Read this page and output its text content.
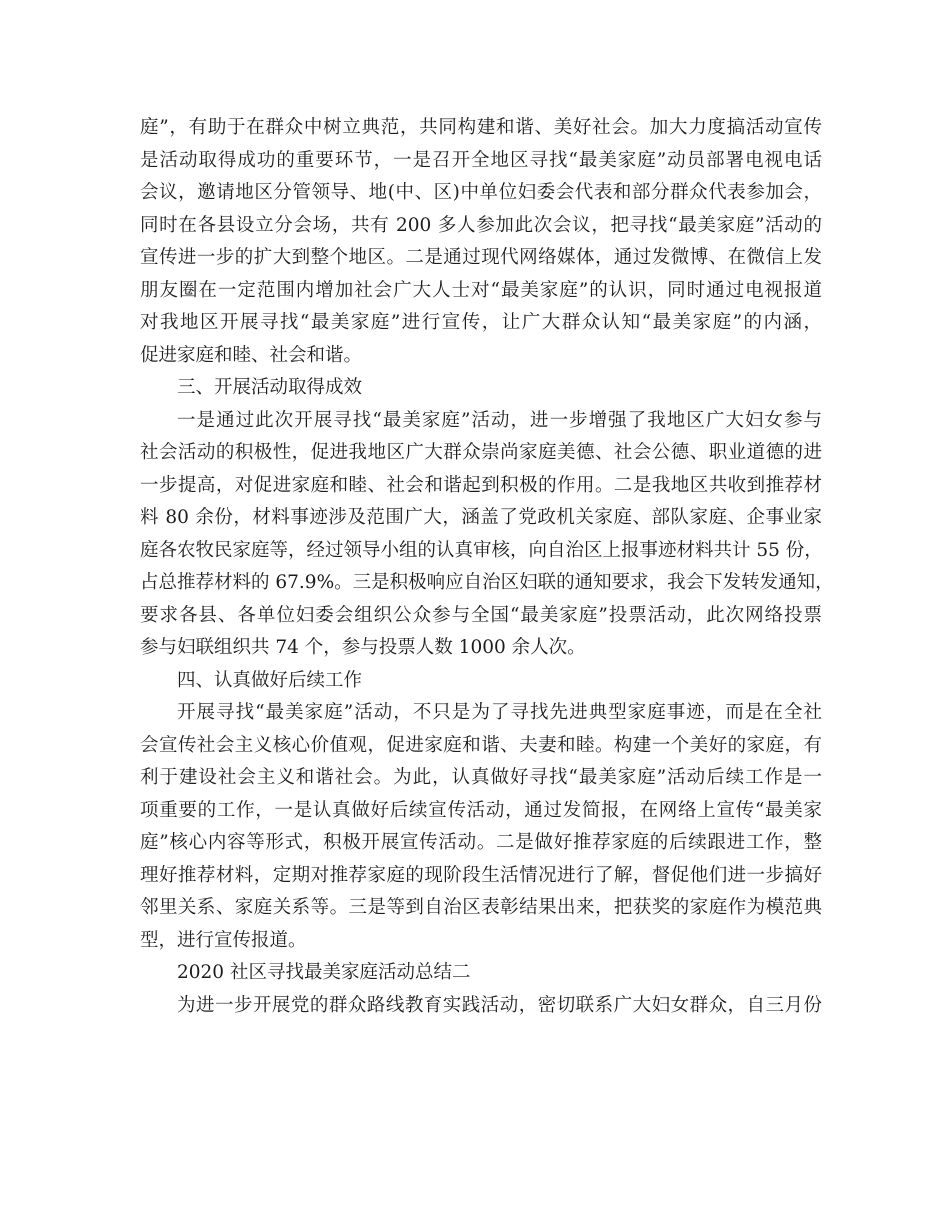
庭”，有助于在群众中树立典范，共同构建和谐、美好社会。加大力度搞活动宣传
是活动取得成功的重要环节，一是召开全地区寻找“最美家庭”动员部署电视电话
会议，邀请地区分管领导、地(中、区)中单位妇委会代表和部分群众代表参加会，
同时在各县设立分会场，共有 200 多人参加此次会议，把寻找“最美家庭”活动的
宣传进一步的扩大到整个地区。二是通过现代网络媒体，通过发微博、在微信上发
朋友圈在一定范围内增加社会广大人士对“最美家庭”的认识，同时通过电视报道
对我地区开展寻找“最美家庭”进行宣传，让广大群众认知“最美家庭”的内涵，
促进家庭和睦、社会和谐。
三、开展活动取得成效
一是通过此次开展寻找“最美家庭”活动，进一步增强了我地区广大妇女参与
社会活动的积极性，促进我地区广大群众崇尚家庭美德、社会公德、职业道德的进
一步提高，对促进家庭和睦、社会和谐起到积极的作用。二是我地区共收到推荐材
料 80 余份，材料事迹涉及范围广大，涵盖了党政机关家庭、部队家庭、企事业家
庭各农牧民家庭等，经过领导小组的认真审核，向自治区上报事迹材料共计 55 份，
占总推荐材料的 67.9%。三是积极响应自治区妇联的通知要求，我会下发转发通知，
要求各县、各单位妇委会组织公众参与全国“最美家庭”投票活动，此次网络投票
参与妇联组织共 74 个，参与投票人数 1000 余人次。
四、认真做好后续工作
开展寻找“最美家庭”活动，不只是为了寻找先进典型家庭事迹，而是在全社
会宣传社会主义核心价值观，促进家庭和谐、夫妻和睦。构建一个美好的家庭，有
利于建设社会主义和谐社会。为此，认真做好寻找“最美家庭”活动后续工作是一
项重要的工作，一是认真做好后续宣传活动，通过发简报，在网络上宣传“最美家
庭”核心内容等形式，积极开展宣传活动。二是做好推荐家庭的后续跟进工作，整
理好推荐材料，定期对推荐家庭的现阶段生活情况进行了解，督促他们进一步搞好
邻里关系、家庭关系等。三是等到自治区表彰结果出来，把获奖的家庭作为模范典
型，进行宣传报道。
2020 社区寻找最美家庭活动总结二
为进一步开展党的群众路线教育实践活动，密切联系广大妇女群众，自三月份
